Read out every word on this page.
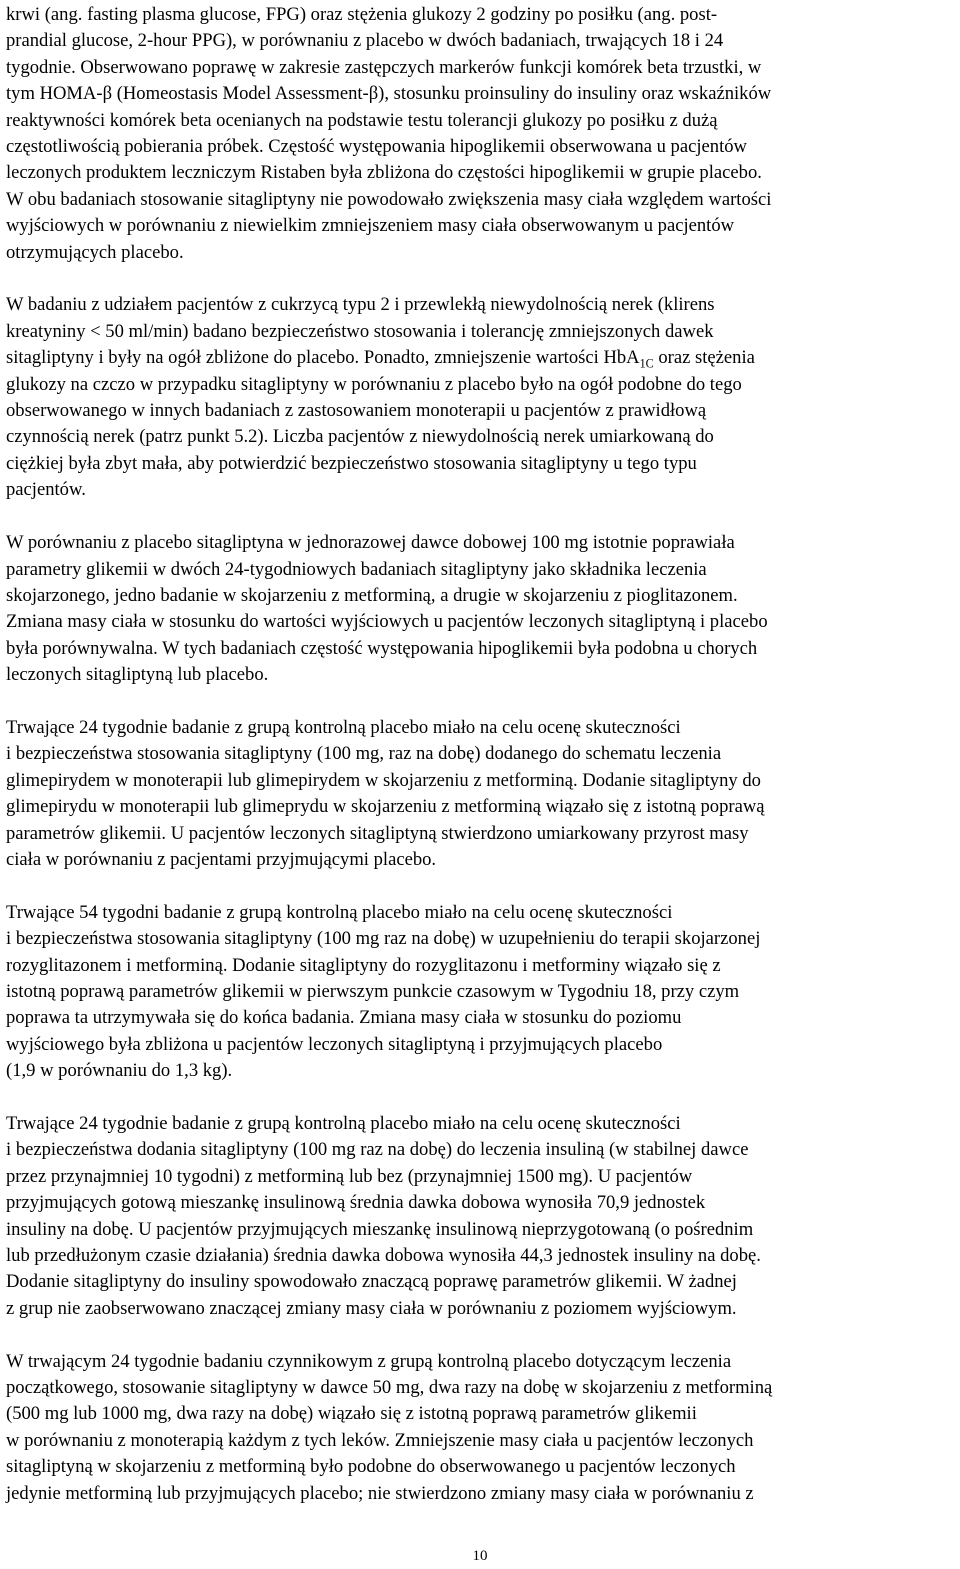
krwi (ang. fasting plasma glucose, FPG) oraz stężenia glukozy 2 godziny po posiłku (ang. post-
prandial glucose, 2-hour PPG), w porównaniu z placebo w dwóch badaniach, trwających 18 i 24
tygodnie. Obserwowano poprawę w zakresie zastępczych markerów funkcji komórek beta trzustki, w
tym HOMA-β (Homeostasis Model Assessment-β), stosunku proinsuliny do insuliny oraz wskaźników
reaktywności komórek beta ocenianych na podstawie testu tolerancji glukozy po posiłku z dużą
częstotliwością pobierania próbek. Częstość występowania hipoglikemii obserwowana u pacjentów
leczonych produktem leczniczym Ristaben była zbliżona do częstości hipoglikemii w grupie placebo.
W obu badaniach stosowanie sitagliptyny nie powodowało zwiększenia masy ciała względem wartości
wyjściowych w porównaniu z niewielkim zmniejszeniem masy ciała obserwowanym u pacjentów
otrzymujących placebo.

W badaniu z udziałem pacjentów z cukrzycą typu 2 i przewlekłą niewydolnością nerek (klirens
kreatyniny < 50 ml/min) badano bezpieczeństwo stosowania i tolerancję zmniejszonych dawek
sitagliptyny i były na ogół zbliżone do placebo. Ponadto, zmniejszenie wartości HbA$_{1C}$ oraz stężenia
glukozy na czczo w przypadku sitagliptyny w porównaniu z placebo było na ogół podobne do tego
obserwowanego w innych badaniach z zastosowaniem monoterapii u pacjentów z prawidłową
czynnością nerek (patrz punkt 5.2). Liczba pacjentów z niewydolnością nerek umiarkowaną do
ciężkiej była zbyt mała, aby potwierdzić bezpieczeństwo stosowania sitagliptyny u tego typu
pacjentów.

W porównaniu z placebo sitagliptyna w jednorazowej dawce dobowej 100 mg istotnie poprawiała
parametry glikemii w dwóch 24-tygodniowych badaniach sitagliptyny jako składnika leczenia
skojarzonego, jedno badanie w skojarzeniu z metforminą, a drugie w skojarzeniu z pioglitazonem.
Zmiana masy ciała w stosunku do wartości wyjściowych u pacjentów leczonych sitagliptyną i placebo
była porównywalna. W tych badaniach częstość występowania hipoglikemii była podobna u chorych
leczonych sitagliptyną lub placebo.

Trwające 24 tygodnie badanie z grupą kontrolną placebo miało na celu ocenę skuteczności
i bezpieczeństwa stosowania sitagliptyny (100 mg, raz na dobę) dodanego do schematu leczenia
glimepirydem w monoterapii lub glimepirydem w skojarzeniu z metforminą. Dodanie sitagliptyny do
glimepirydu w monoterapii lub glimeprydu w skojarzeniu z metforminą wiązało się z istotną poprawą
parametrów glikemii. U pacjentów leczonych sitagliptyną stwierdzono umiarkowany przyrost masy
ciała w porównaniu z pacjentami przyjmującymi placebo.

Trwające 54 tygodni badanie z grupą kontrolną placebo miało na celu ocenę skuteczności
i bezpieczeństwa stosowania sitagliptyny (100 mg raz na dobę) w uzupełnieniu do terapii skojarzonej
rozyglitazonem i metforminą. Dodanie sitagliptyny do rozyglitazonu i metforminy wiązało się z
istotną poprawą parametrów glikemii w pierwszym punkcie czasowym w Tygodniu 18, przy czym
poprawa ta utrzymywała się do końca badania. Zmiana masy ciała w stosunku do poziomu
wyjściowego była zbliżona u pacjentów leczonych sitagliptyną i przyjmujących placebo
(1,9 w porównaniu do 1,3 kg).

Trwające 24 tygodnie badanie z grupą kontrolną placebo miało na celu ocenę skuteczności
i bezpieczeństwa dodania sitagliptyny (100 mg raz na dobę) do leczenia insuliną (w stabilnej dawce
przez przynajmniej 10 tygodni) z metforminą lub bez (przynajmniej 1500 mg). U pacjentów
przyjmujących gotową mieszankę insulinową średnia dawka dobowa wynosiła 70,9 jednostek
insuliny na dobę. U pacjentów przyjmujących mieszankę insulinową nieprzygotowaną (o pośrednim
lub przedłużonym czasie działania) średnia dawka dobowa wynosiła 44,3 jednostek insuliny na dobę.
Dodanie sitagliptyny do insuliny spowodowało znaczącą poprawę parametrów glikemii. W żadnej
z grup nie zaobserwowano znaczącej zmiany masy ciała w porównaniu z poziomem wyjściowym.

W trwającym 24 tygodnie badaniu czynnikowym z grupą kontrolną placebo dotyczącym leczenia
początkowego, stosowanie sitagliptyny w dawce 50 mg, dwa razy na dobę w skojarzeniu z metforminą
(500 mg lub 1000 mg, dwa razy na dobę) wiązało się z istotną poprawą parametrów glikemii
w porównaniu z monoterapią każdym z tych leków. Zmniejszenie masy ciała u pacjentów leczonych
sitagliptyną w skojarzeniu z metforminą było podobne do obserwowanego u pacjentów leczonych
jedynie metforminą lub przyjmujących placebo; nie stwierdzono zmiany masy ciała w porównaniu z

10
